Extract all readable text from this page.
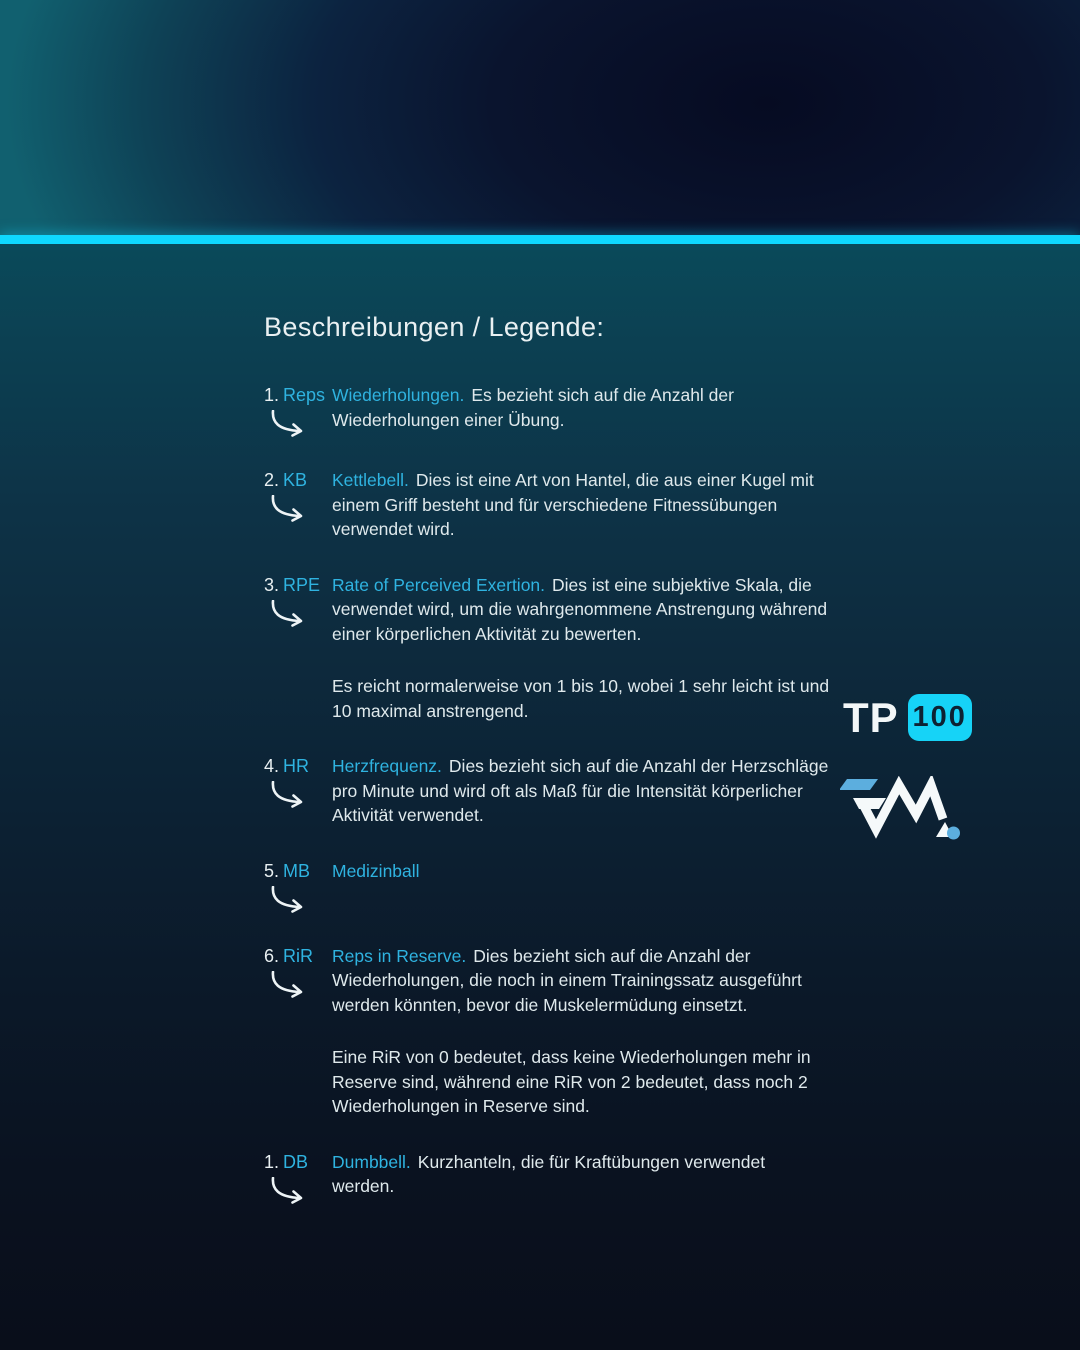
Beschreibungen / Legende:
1. Reps Wiederholungen. Es bezieht sich auf die Anzahl der Wiederholungen einer Übung.

2. KB	Kettlebell. Dies ist eine Art von Hantel, die aus einer Kugel mit einem Griff besteht und für verschiedene Fitnessübungen verwendet wird.

3. RPE Rate of Perceived Exertion. Dies ist eine subjektive Skala, die verwendet wird, um die wahrgenommene Anstrengung während einer körperlichen Aktivität zu bewerten.

Es reicht normalerweise von 1 bis 10, wobei 1 sehr leicht ist und 10 maximal anstrengend.

4. HR	Herzfrequenz. Dies bezieht sich auf die Anzahl der Herzschläge pro Minute und wird oft als Maß für die Intensität körperlicher Aktivität verwendet.

5. MB	Medizinball

6. RiR	Reps in Reserve. Dies bezieht sich auf die Anzahl der Wiederholungen, die noch in einem Trainingssatz ausgeführt werden könnten, bevor die Muskelermüdung einsetzt.

Eine RiR von 0 bedeutet, dass keine Wiederholungen mehr in Reserve sind, während eine RiR von 2 bedeutet, dass noch 2 Wiederholungen in Reserve sind.

1. DB	Dumbbell. Kurzhanteln, die für Kraftübungen verwendet werden.

TP 100
